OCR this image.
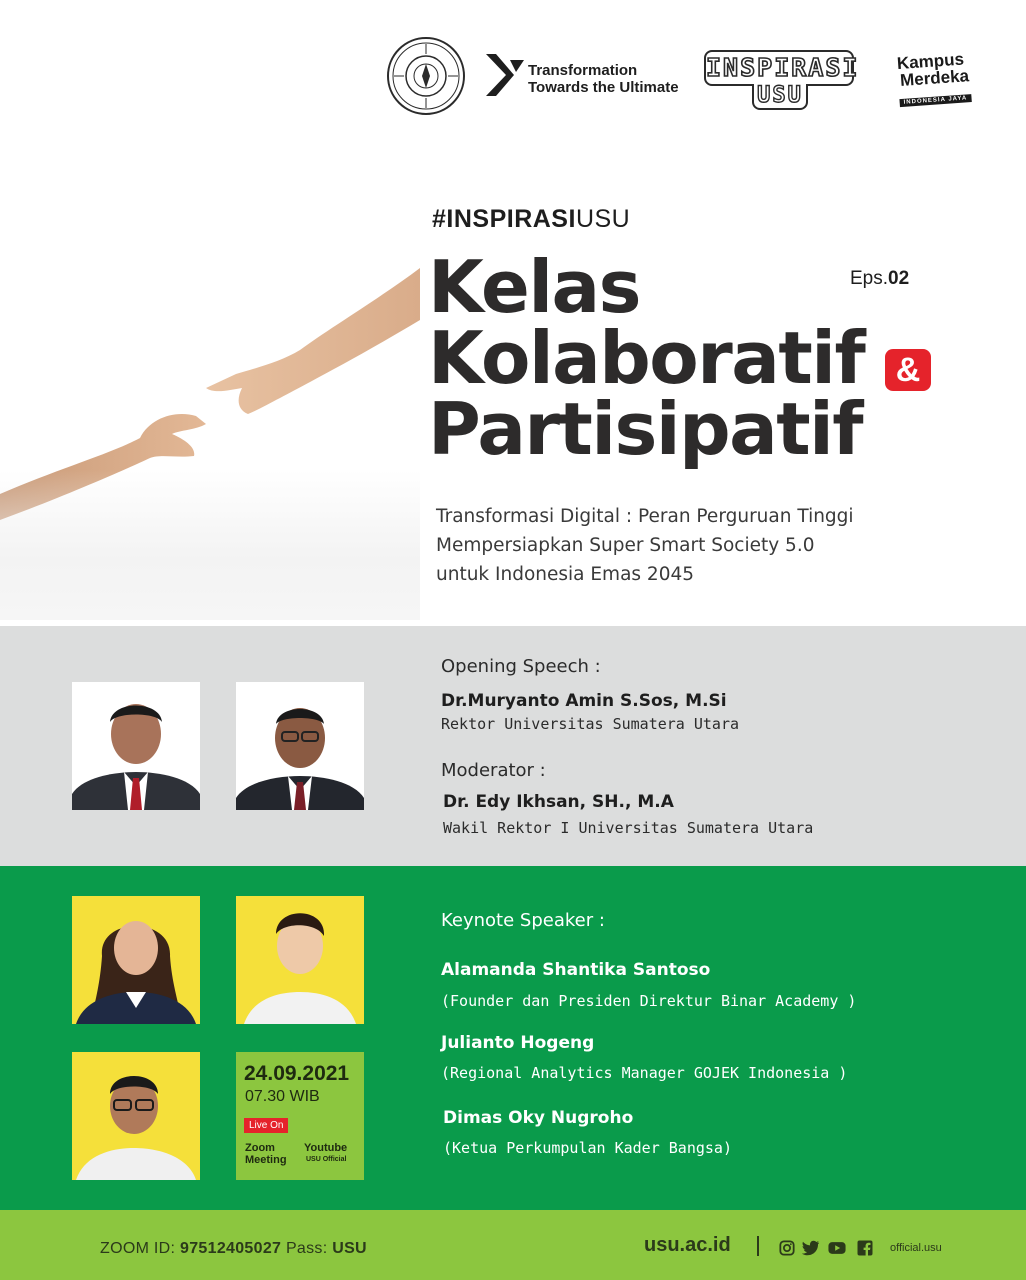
Transformation
Towards the Ultimate
INSPIRASI
USU
Kampus
Merdeka
INDONESIA JAYA
#INSPIRASIUSU
Kelas
Kolaboratif
Partisipatif
&
Eps.02
Transformasi Digital : Peran Perguruan Tinggi
Mempersiapkan Super Smart Society 5.0
untuk Indonesia Emas 2045
Opening Speech :
Dr.Muryanto Amin S.Sos, M.Si
Rektor Universitas Sumatera Utara
Moderator :
Dr. Edy Ikhsan, SH., M.A
Wakil Rektor I Universitas Sumatera Utara
24.09.2021
07.30 WIB
Live On
Zoom Meeting
Youtube
USU Official
Keynote Speaker :
Alamanda Shantika Santoso
(Founder dan Presiden Direktur Binar Academy )
Julianto Hogeng
(Regional Analytics Manager GOJEK Indonesia )
Dimas Oky Nugroho
(Ketua Perkumpulan Kader Bangsa)
ZOOM ID: 97512405027 Pass: USU	usu.ac.id	official.usu
